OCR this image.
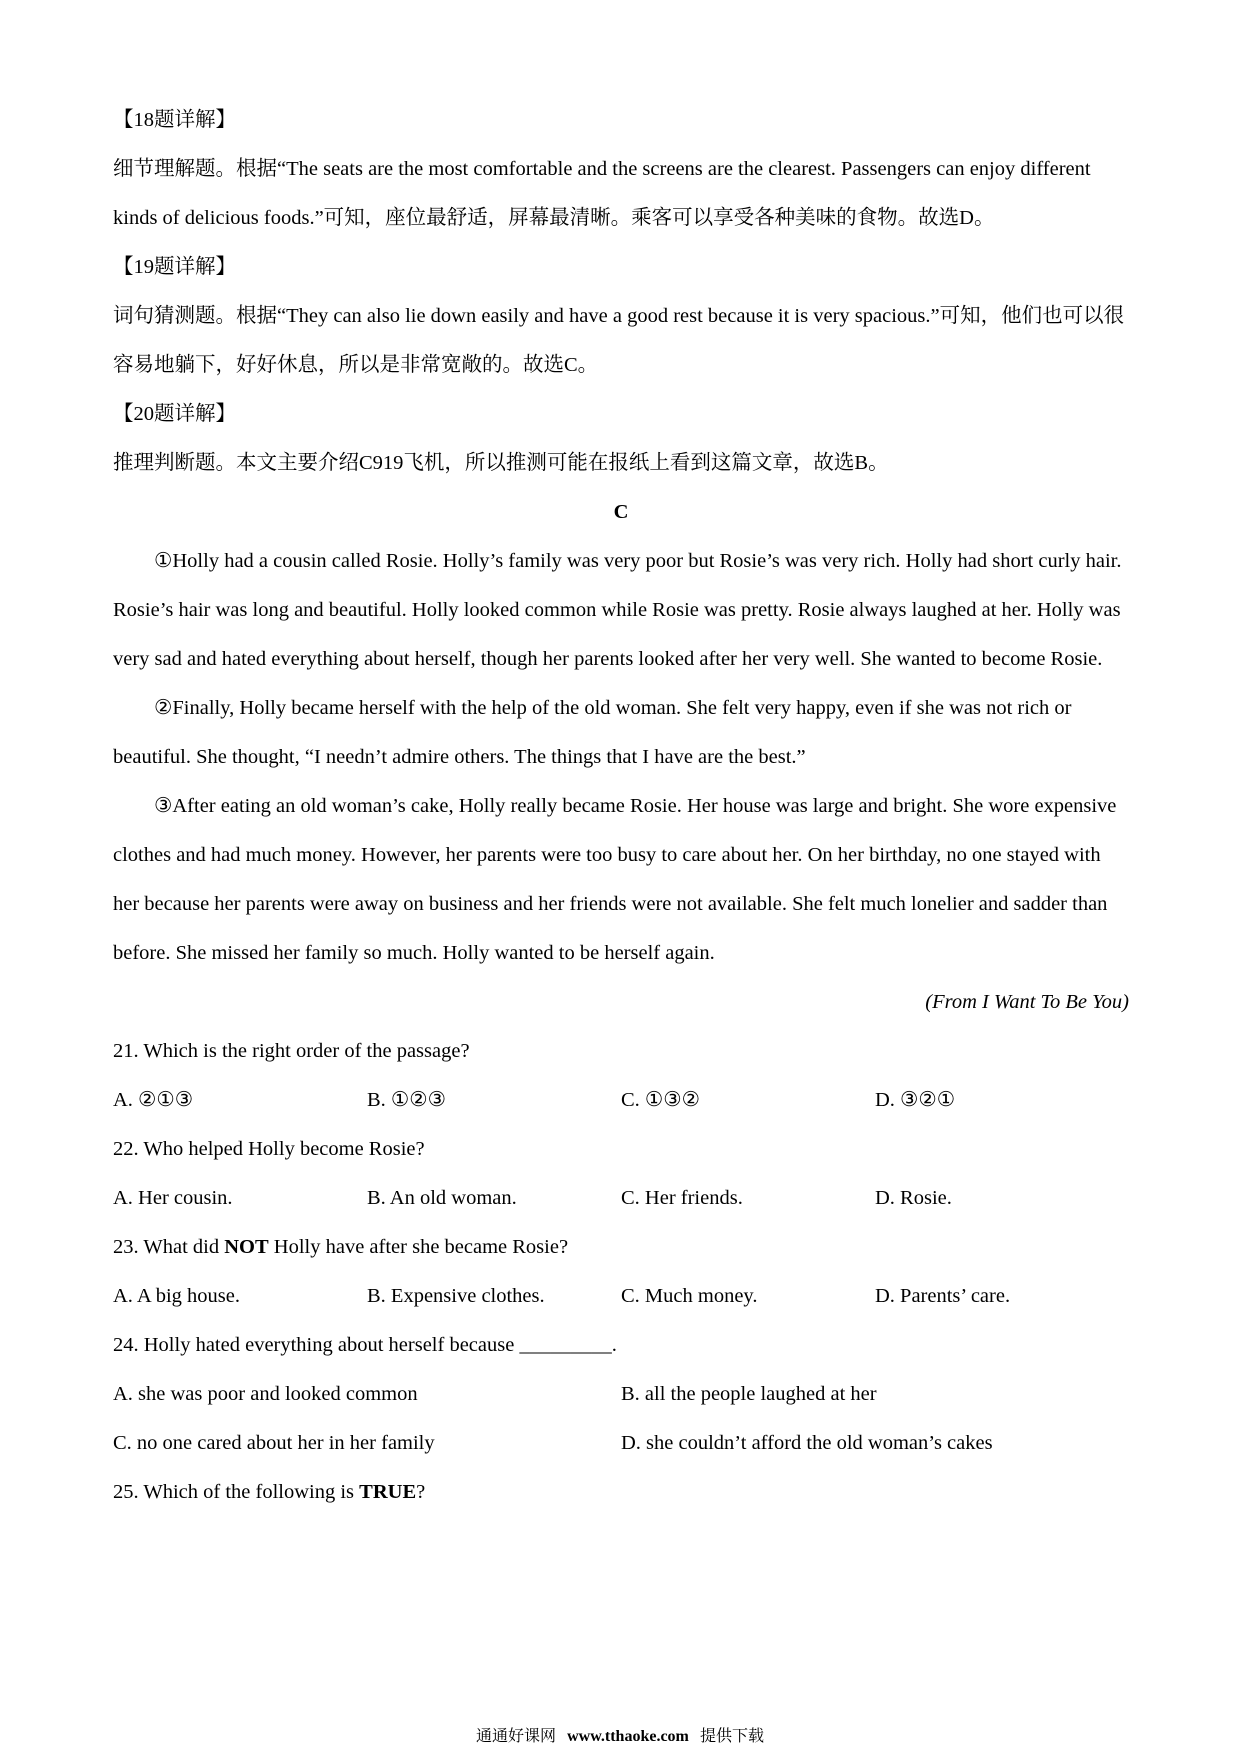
【18题详解】

细节理解题。根据“The seats are the most comfortable and the screens are the clearest. Passengers can enjoy different kinds of delicious foods.”可知，座位最舒适，屏幕最清晰。乘客可以享受各种美味的食物。故选D。

【19题详解】

词句猜测题。根据“They can also lie down easily and have a good rest because it is very spacious.”可知，他们也可以很容易地躺下，好好休息，所以是非常宽敞的。故选C。

【20题详解】

推理判断题。本文主要介绍C919飞机，所以推测可能在报纸上看到这篇文章，故选B。

C

①Holly had a cousin called Rosie. Holly’s family was very poor but Rosie’s was very rich. Holly had short curly hair. Rosie’s hair was long and beautiful. Holly looked common while Rosie was pretty. Rosie always laughed at her. Holly was very sad and hated everything about herself, though her parents looked after her very well. She wanted to become Rosie.

②Finally, Holly became herself with the help of the old woman. She felt very happy, even if she was not rich or beautiful. She thought, “I needn’t admire others. The things that I have are the best.”

③After eating an old woman’s cake, Holly really became Rosie. Her house was large and bright. She wore expensive clothes and had much money. However, her parents were too busy to care about her. On her birthday, no one stayed with her because her parents were away on business and her friends were not available. She felt much lonelier and sadder than before. She missed her family so much. Holly wanted to be herself again.

(From I Want To Be You)

21. Which is the right order of the passage?

A. ②①③	B. ①②③	C. ①③②	D. ③②①

22. Who helped Holly become Rosie?

A. Her cousin.	B. An old woman.	C. Her friends.	D. Rosie.

23. What did NOT Holly have after she became Rosie?

A. A big house.	B. Expensive clothes.	C. Much money.	D. Parents’ care.

24. Holly hated everything about herself because _________.

A. she was poor and looked common	B. all the people laughed at her
C. no one cared about her in her family	D. she couldn’t afford the old woman’s cakes

25. Which of the following is TRUE?

通通好课网 www.tthaoke.com 提供下载
